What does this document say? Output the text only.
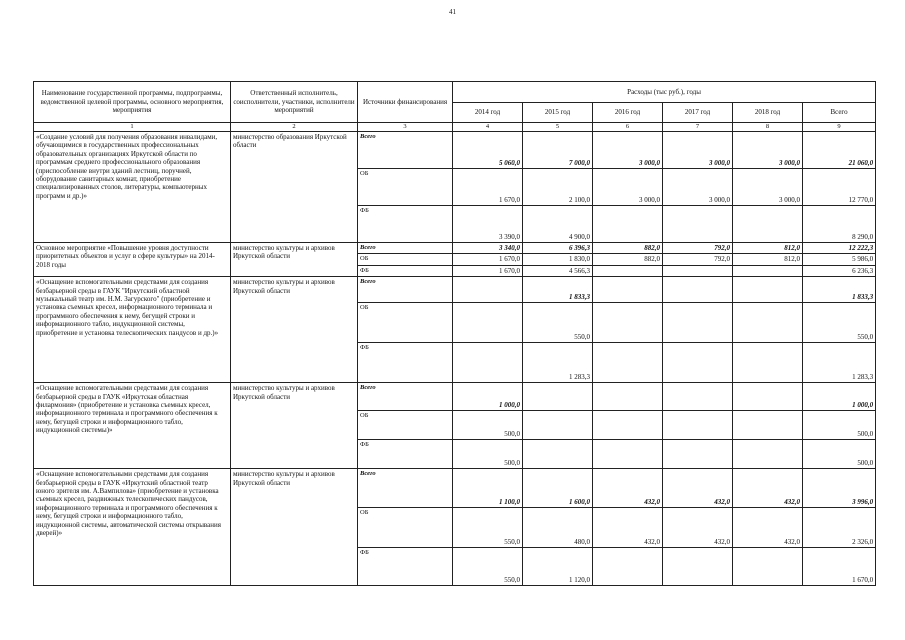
41
Наименование государственной программы, подпрограммы, ведомственной целевой программы, основного мероприятия, мероприятия	Ответственный исполнитель, соисполнители, участники, исполнители мероприятий	Источники финансирования	Расходы (тыс руб.), годы					
			2014 год	2015 год	2016 год	2017 год	2018 год	Всего
1	2	3	4	5	6	7	8	9
«Создание условий для получения образования инвалидами, обучающимися в государственных профессиональных образовательных организациях Иркутской области по программам среднего профессионального образования (приспособление внутри зданий лестниц, поручней, оборудование санитарных комнат, приобретение специализированных столов, литературы, компьютерных программ и др.)»	министерство образования Иркутской области	Всего	5 060,0	7 000,0	3 000,0	3 000,0	3 000,0	21 060,0
		ОБ	1 670,0	2 100,0	3 000,0	3 000,0	3 000,0	12 770,0
		ФБ	3 390,0	4 900,0				8 290,0
Основное мероприятие «Повышение уровня доступности приоритетных объектов и услуг в сфере культуры» на 2014-2018 годы	министерство культуры и архивов Иркутской области	Всего	3 340,0	6 396,3	882,0	792,0	812,0	12 222,3
		ОБ	1 670,0	1 830,0	882,0	792,0	812,0	5 986,0
		ФБ	1 670,0	4 566,3				6 236,3
«Оснащение вспомогательными средствами для создания безбарьерной среды в ГАУК "Иркутский областной музыкальный театр им. Н.М. Загурского" (приобретение и установка съемных кресел, информационного терминала и программного обеспечения к нему, бегущей строки и информационного табло, индукционной системы, приобретение и установка телескопических пандусов и др.)»	министерство культуры и архивов Иркутской области	Всего		1 833,3				1 833,3
		ОБ		550,0				550,0
		ФБ		1 283,3				1 283,3
«Оснащение вспомогательными средствами для создания безбарьерной среды в ГАУК «Иркутская областная филармония» (приобретение и установка съемных кресел, информационного терминала и программного обеспечения к нему, бегущей строки и информационного табло, индукционной системы)»	министерство культуры и архивов Иркутской области	Всего	1 000,0					1 000,0
		ОБ	500,0					500,0
		ФБ	500,0					500,0
«Оснащение вспомогательными средствами для создания безбарьерной среды в ГАУК «Иркутский областной театр юного зрителя им. А.Вампилова» (приобретение и установка съемных кресел, раздвижных телескопических пандусов, информационного терминала и программного обеспечения к нему, бегущей строки и информационного табло, индукционной системы, автоматической системы открывания дверей)»	министерство культуры и архивов Иркутской области	Всего	1 100,0	1 600,0	432,0	432,0	432,0	3 996,0
		ОБ	550,0	480,0	432,0	432,0	432,0	2 326,0
		ФБ	550,0	1 120,0				1 670,0
